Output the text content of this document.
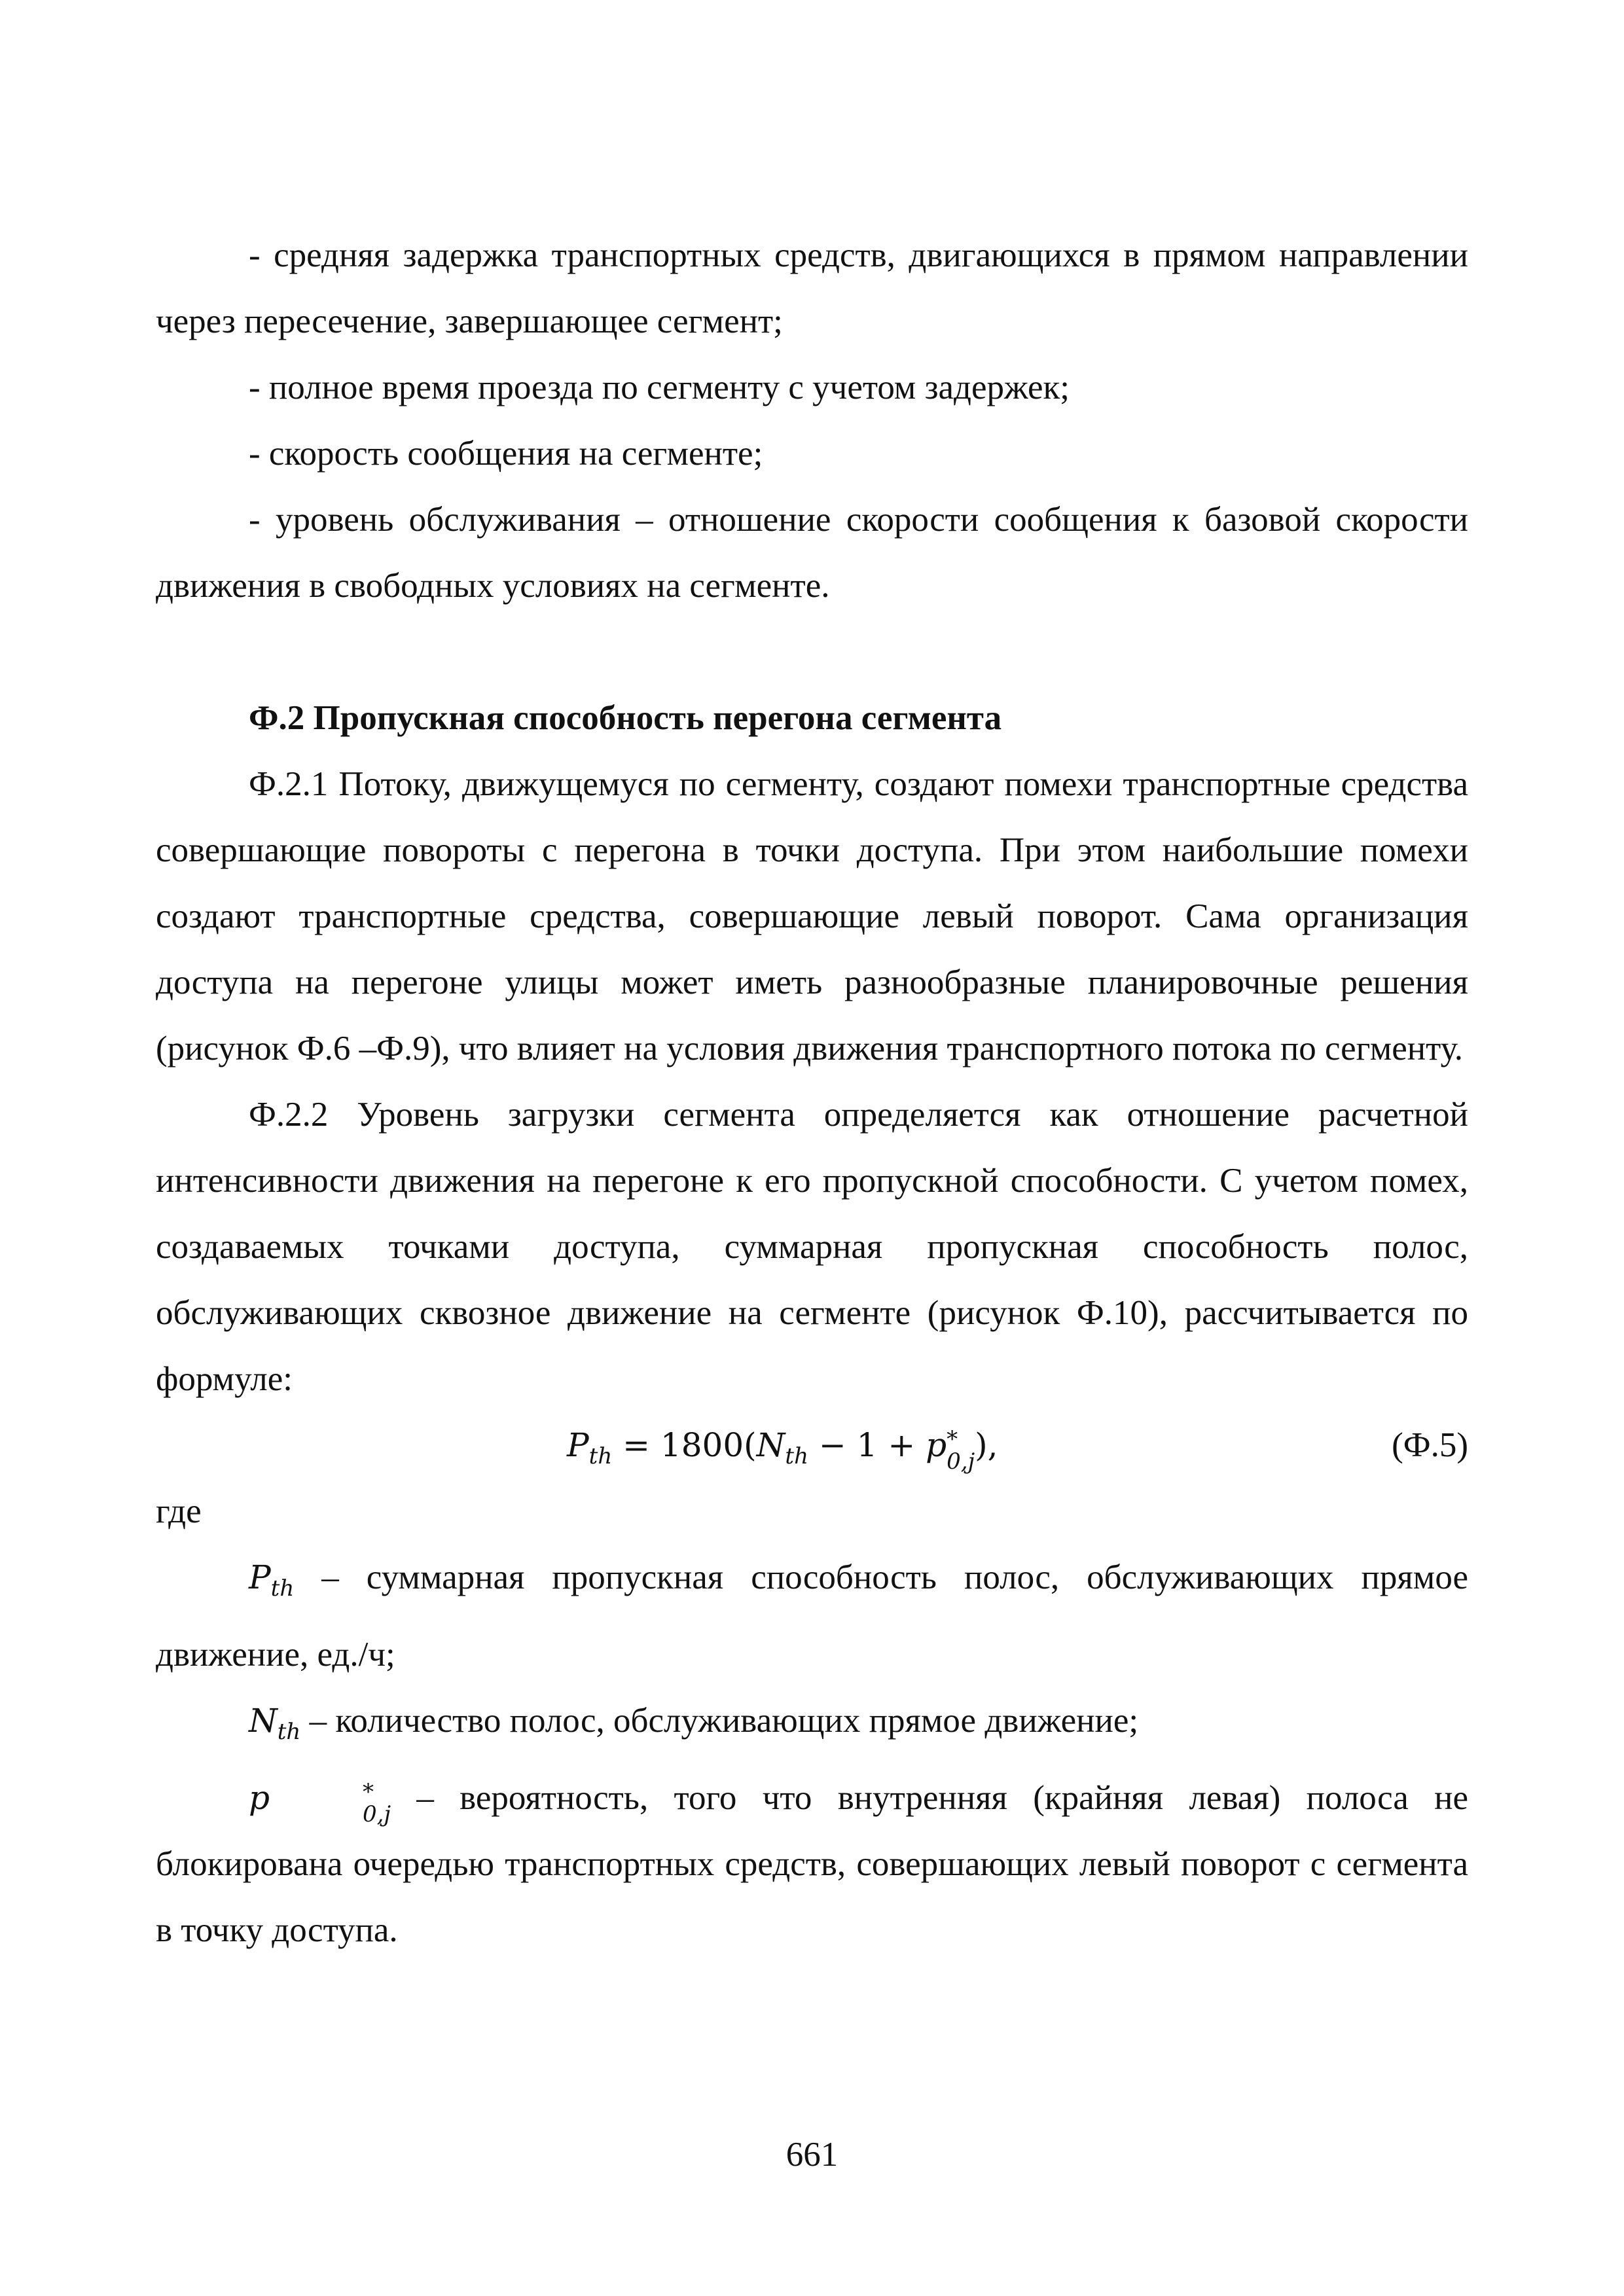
- средняя задержка транспортных средств, двигающихся в прямом направлении через пересечение, завершающее сегмент;

- полное время проезда по сегменту с учетом задержек;

- скорость сообщения на сегменте;

- уровень обслуживания – отношение скорости сообщения к базовой скорости движения в свободных условиях на сегменте.

Ф.2 Пропускная способность перегона сегмента

Ф.2.1 Потоку, движущемуся по сегменту, создают помехи транспортные средства совершающие повороты с перегона в точки доступа. При этом наибольшие помехи создают транспортные средства, совершающие левый поворот. Сама организация доступа на перегоне улицы может иметь разнообразные планировочные решения (рисунок Ф.6 –Ф.9), что влияет на условия движения транспортного потока по сегменту.

Ф.2.2 Уровень загрузки сегмента определяется как отношение расчетной интенсивности движения на перегоне к его пропускной способности. С учетом помех, создаваемых точками доступа, суммарная пропускная способность полос, обслуживающих сквозное движение на сегменте (рисунок Ф.10), рассчитывается по формуле:

$P_{th} = 1800(N_{th} - 1 + p$ *
0,j ),	(Ф.5)

где

$P_{th}$ – суммарная пропускная способность полос, обслуживающих прямое движение, ед./ч;

$N_{th}$ – количество полос, обслуживающих прямое движение;

p	*
0,j – вероятность, того что внутренняя (крайняя левая) полоса не блокирована очередью транспортных средств, совершающих левый поворот с сегмента в точку доступа.

661
